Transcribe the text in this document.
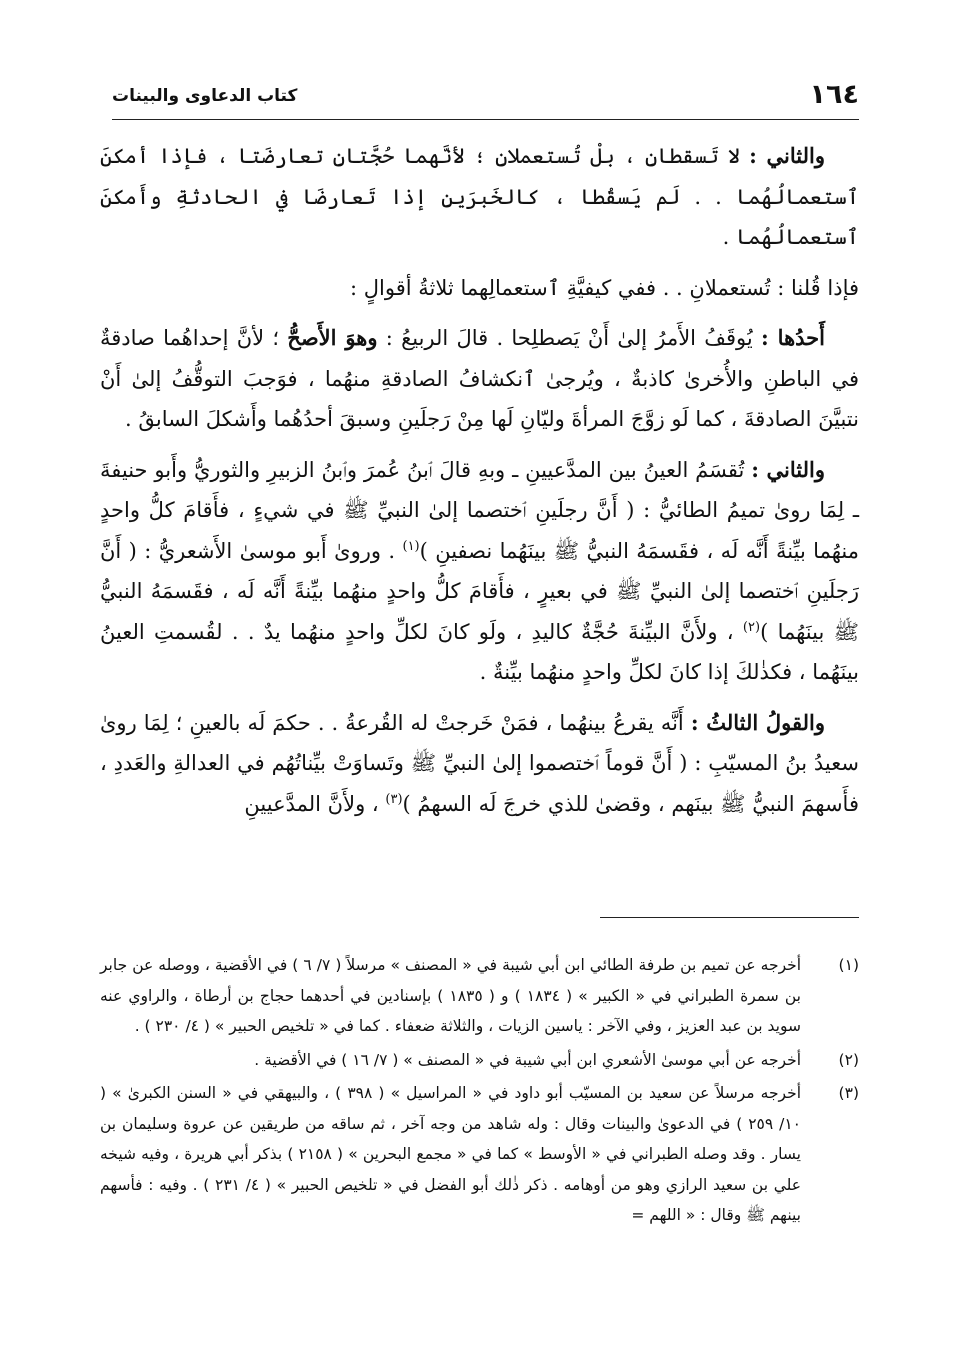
١٦٤
كتاب الدعاوى والبينات

والثاني : لا تَسقطانِ ، بلْ تُستعملانِ ؛ لأنَّهما حُجَّتانِ تعارضَتا ، فإذا أمكنَ ٱستعمالُهُما . . لَم يَسقُطا ، كالخَبرَينِ إذا تَعارضَا في الحادثةِ وأَمكنَ ٱستعمالُهُما .

فإذا قُلنا : تُستعملانِ . . ففي كيفيَّةِ ٱستعمالِهما ثلاثةُ أقوالٍ :

أَحدُها : يُوقَفُ الأَمرُ إلىٰ أَنْ يَصطلِحا . قالَ الربيعُ : وهوَ الأَصحُّ ؛ لأنَّ إحداهُما صادقةٌ في الباطنِ والأُخرىٰ كاذبةٌ ، ويُرجىٰ ٱنكشافُ الصادقةِ منهُما ، فوَجبَ التوقُّفُ إلىٰ أَنْ نتبيَّنَ الصادقةَ ، كما لَو زوَّجَ المرأةَ وليّانِ لَها مِنْ رَجلَينِ وسبقَ أحدُهُما وأَشكلَ السابقُ .

والثاني : تُقسَمُ العينُ بين المدَّعيينِ ـ وبهِ قالَ ٱبنُ عُمرَ وٱبنُ الزبيرِ والثوريُّ وأَبو حنيفةَ ـ لِمَا روىٰ تميمُ الطائيُّ : ( أَنَّ رجلَينِ ٱختصما إلىٰ النبيِّ ﷺ في شيءٍ ، فأَقامَ كلُّ واحدٍ منهُما بيِّنةً أَنَّه لَه ، فقَسمَهُ النبيُّ ﷺ بينَهُما نصفينِ )$^{(١)}$ . وروىٰ أَبو موسىٰ الأَشعريُّ : ( أَنَّ رَجلَينِ ٱختصما إلىٰ النبيِّ ﷺ في بعيرٍ ، فأَقامَ كلُّ واحدٍ منهُما بيِّنةً أَنَّه لَه ، فقَسمَهُ النبيُّ ﷺ بينَهُما )$^{(٢)}$ ، ولأَنَّ البيِّنةَ حُجَّةٌ كاليدِ ، ولَو كانَ لكلِّ واحدٍ منهُما يدٌ . . لقُسمتِ العينُ بينَهُما ، فكذٰلكَ إذا كانَ لكلِّ واحدٍ منهُما بيِّنةٌ .

والقولُ الثالثُ : أَنَّه يقرعُ بينهُما ، فمَنْ خَرجتْ له القُرعةُ . . حكمَ لَه بالعينِ ؛ لِمَا روىٰ سعيدُ بنُ المسيّبِ : ( أَنَّ قوماً ٱختصموا إلىٰ النبيِّ ﷺ وتَساوَتْ بيِّناتُهُم في العدالةِ والعَددِ ، فأَسهمَ النبيُّ ﷺ بينَهم ، وقضىٰ للذي خرجَ لَه السهمُ )$^{(٣)}$ ، ولأَنَّ المدَّعيينِ

(١)
أخرجه عن تميم بن طرفة الطائي ابن أبي شيبة في « المصنف » مرسلاً ( ٧/ ٦ ) في الأقضية ، ووصله عن جابر بن سمرة الطبراني في « الكبير » ( ١٨٣٤ ) و ( ١٨٣٥ ) بإسنادين في أحدهما حجاج بن أرطاة ، والراوي عنه سويد بن عبد العزيز ، وفي الآخر : ياسين الزيات ، والثلاثة ضعفاء . كما في « تلخيص الحبير » ( ٤/ ٢٣٠ ) .
(٢)
أخرجه عن أبي موسىٰ الأشعري ابن أبي شيبة في « المصنف » ( ٧/ ١٦ ) في الأقضية .
(٣)
أخرجه مرسلاً عن سعيد بن المسيّب أبو داود في « المراسيل » ( ٣٩٨ ) ، والبيهقي في « السنن الكبرىٰ » ( ١٠/ ٢٥٩ ) في الدعوىٰ والبينات وقال : وله شاهد من وجه آخر ، ثم ساقه من طريقين عن عروة وسليمان بن يسار . وقد وصله الطبراني في « الأوسط » كما في « مجمع البحرين » ( ٢١٥٨ ) بذكر أبي هريرة ، وفيه شيخه علي بن سعيد الرازي وهو من أوهامه . ذكر ذٰلك أبو الفضل في « تلخيص الحبير » ( ٤/ ٢٣١ ) . وفيه : فأسهم بينهم ﷺ وقال : « اللهم =
